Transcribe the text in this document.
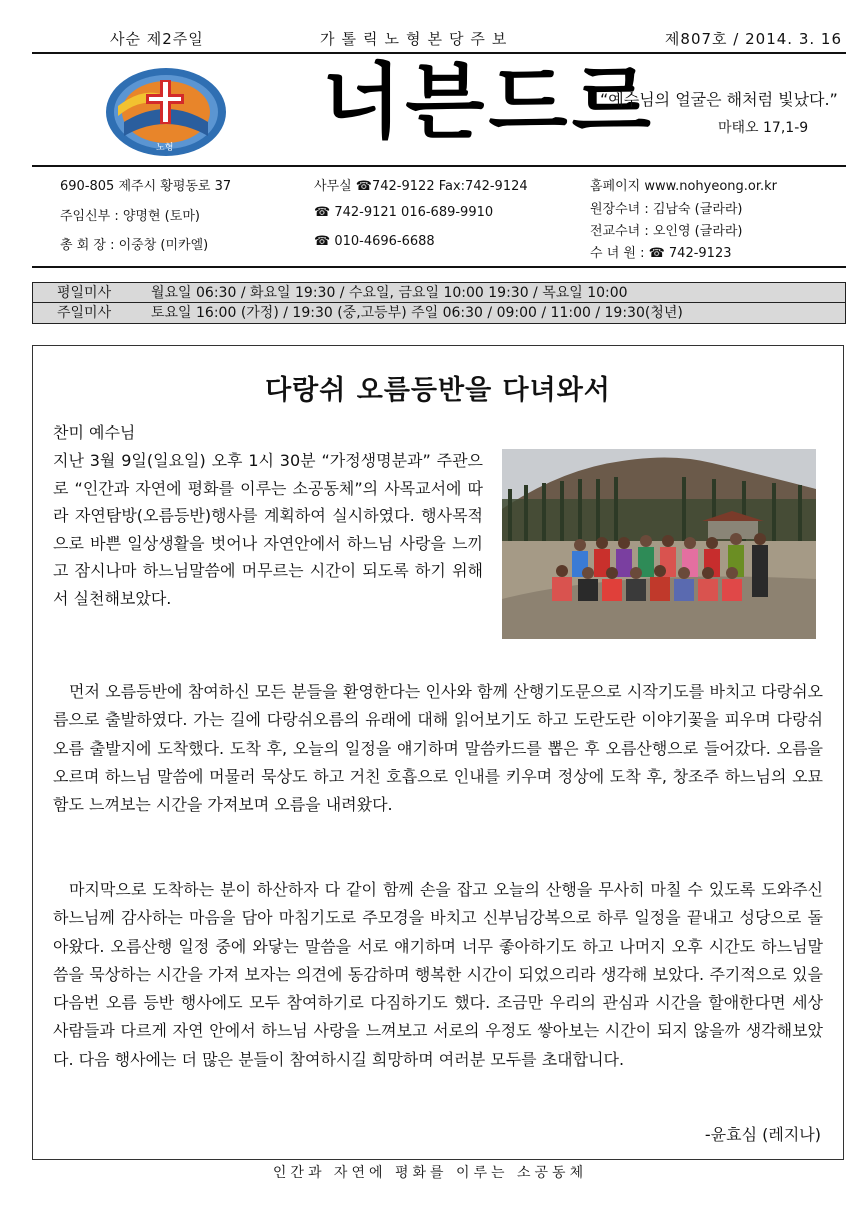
사순 제2주일	가톨릭노형본당주보	제807호 / 2014. 3. 16
노형 너븐드르
“예수님의 얼굴은 해처럼 빛났다.”
마태오 17,1-9
690-805 제주시 황평동로 37
주임신부 : 양명현 (토마)
총 회 장 : 이중창 (미카엘)
사무실 ☎742-9122 Fax:742-9124
☎ 742-9121 016-689-9910
☎ 010-4696-6688
홈페이지 www.nohyeong.or.kr
원장수녀 : 김남숙 (글라라)
전교수녀 : 오인영 (글라라)
수 녀 원 : ☎ 742-9123
평일미사	월요일 06:30 / 화요일 19:30 / 수요일, 금요일 10:00 19:30 / 목요일 10:00
주일미사	토요일 16:00 (가정) / 19:30 (중,고등부) 주일 06:30 / 09:00 / 11:00 / 19:30(청년)
다랑쉬 오름등반을 다녀와서
찬미 예수님
지난 3월 9일(일요일) 오후 1시 30분 “가정생명분과” 주관으로 “인간과 자연에 평화를 이루는 소공동체”의 사목교서에 따라 자연탐방(오름등반)행사를 계획하여 실시하였다. 행사목적으로 바쁜 일상생활을 벗어나 자연안에서 하느님 사랑을 느끼고 잠시나마 하느님말씀에 머무르는 시간이 되도록 하기 위해서 실천해보았다.
먼저 오름등반에 참여하신 모든 분들을 환영한다는 인사와 함께 산행기도문으로 시작기도를 바치고 다랑쉬오름으로 출발하였다. 가는 길에 다랑쉬오름의 유래에 대해 읽어보기도 하고 도란도란 이야기꽃을 피우며 다랑쉬오름 출발지에 도착했다. 도착 후, 오늘의 일정을 얘기하며 말씀카드를 뽑은 후 오름산행으로 들어갔다. 오름을 오르며 하느님 말씀에 머물러 묵상도 하고 거친 호흡으로 인내를 키우며 정상에 도착 후, 창조주 하느님의 오묘함도 느껴보는 시간을 가져보며 오름을 내려왔다.
마지막으로 도착하는 분이 하산하자 다 같이 함께 손을 잡고 오늘의 산행을 무사히 마칠 수 있도록 도와주신 하느님께 감사하는 마음을 담아 마침기도로 주모경을 바치고 신부님강복으로 하루 일정을 끝내고 성당으로 돌아왔다. 오름산행 일정 중에 와닿는 말씀을 서로 얘기하며 너무 좋아하기도 하고 나머지 오후 시간도 하느님말씀을 묵상하는 시간을 가져 보자는 의견에 동감하며 행복한 시간이 되었으리라 생각해 보았다. 주기적으로 있을 다음번 오름 등반 행사에도 모두 참여하기로 다짐하기도 했다. 조금만 우리의 관심과 시간을 할애한다면 세상 사람들과 다르게 자연 안에서 하느님 사랑을 느껴보고 서로의 우정도 쌓아보는 시간이 되지 않을까 생각해보았다. 다음 행사에는 더 많은 분들이 참여하시길 희망하며 여러분 모두를 초대합니다.
-윤효심 (레지나)
인간과 자연에 평화를 이루는 소공동체
